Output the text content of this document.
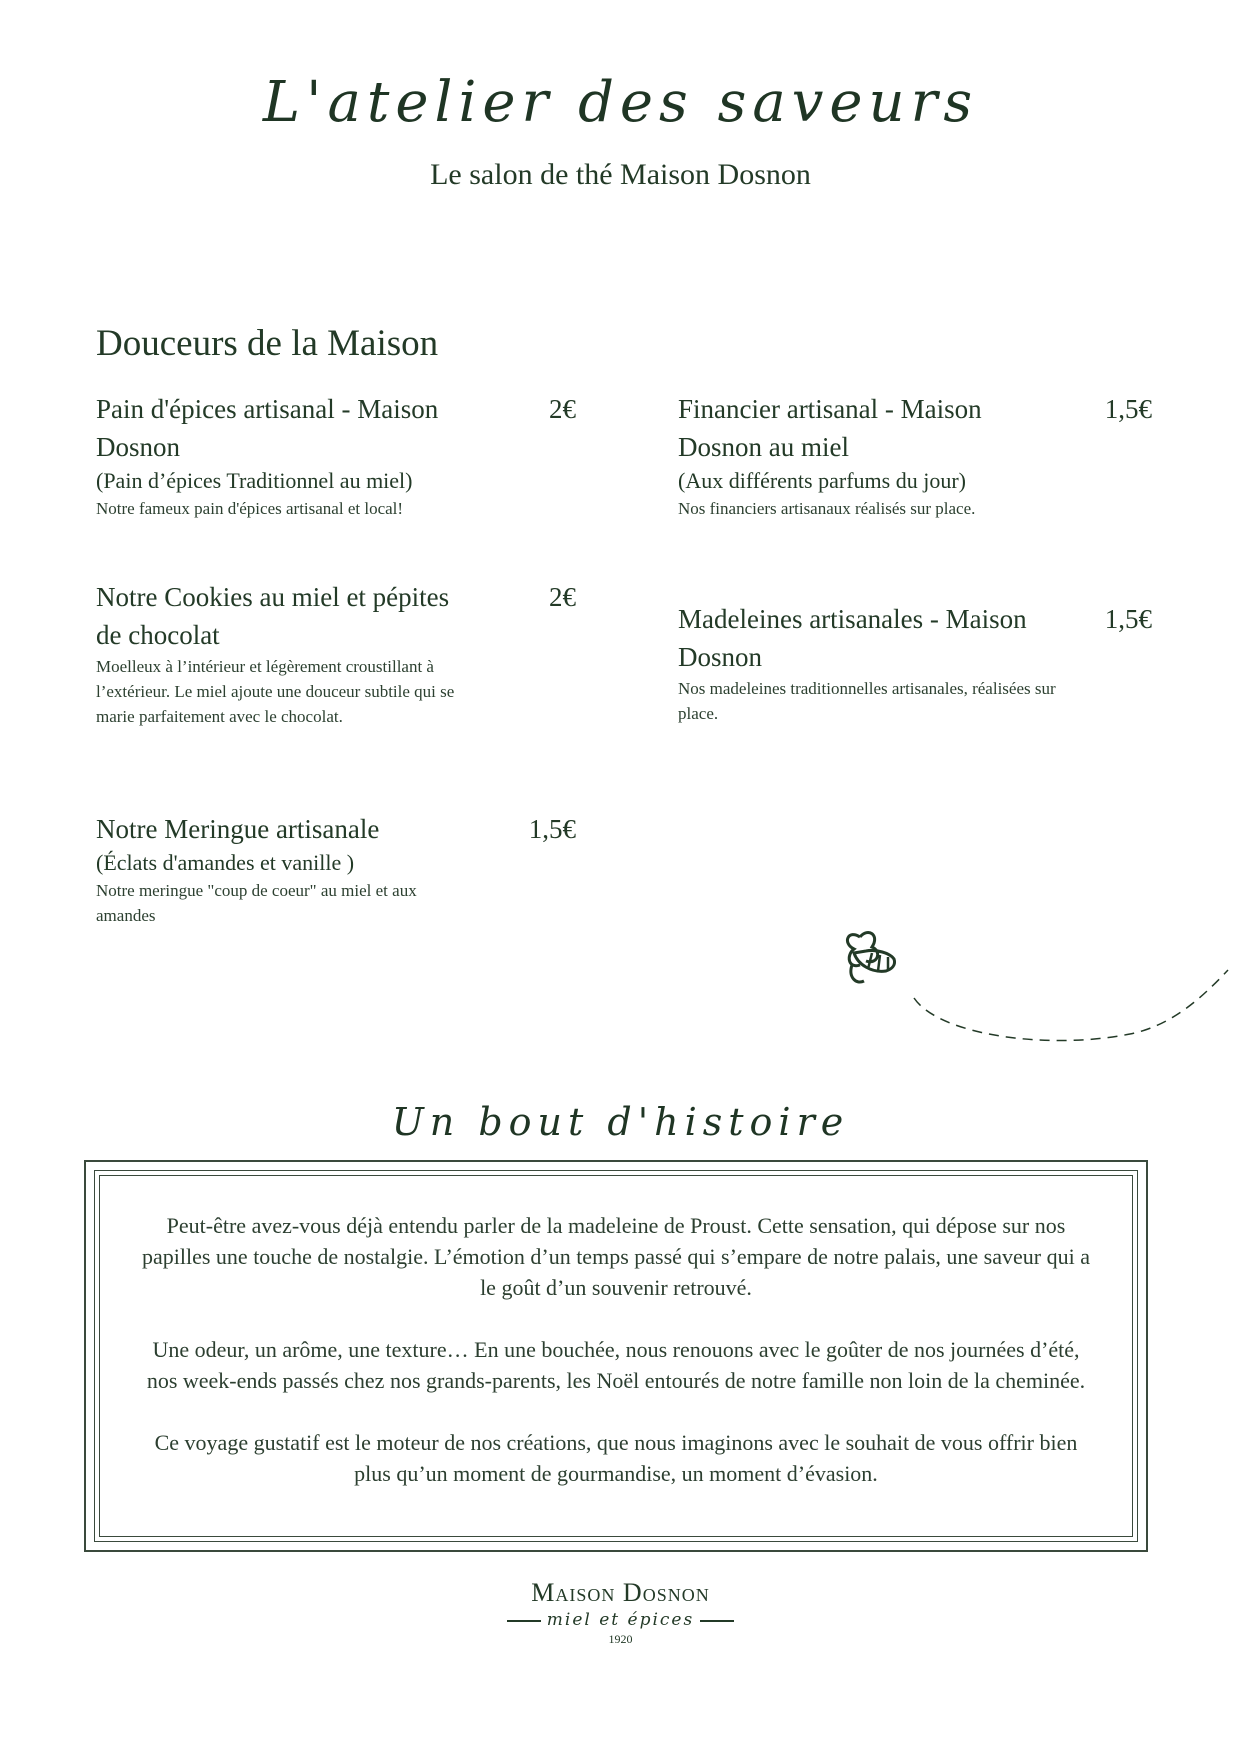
L'atelier des saveurs
Le salon de thé Maison Dosnon
Douceurs de la Maison
Pain d'épices artisanal - Maison Dosnon
(Pain d’épices Traditionnel au miel)
Notre fameux pain d'épices artisanal et local!
2€	Financier artisanal - Maison Dosnon au miel
(Aux différents parfums du jour)
Nos financiers artisanaux réalisés sur place.
1,5€
Notre Cookies au miel et pépites de chocolat
Moelleux à l’intérieur et légèrement croustillant à l’extérieur. Le miel ajoute une douceur subtile qui se marie parfaitement avec le chocolat.
2€
Madeleines artisanales - Maison Dosnon
Nos madeleines traditionnelles artisanales, réalisées sur place.
1,5€
Notre Meringue artisanale
(Éclats d'amandes et vanille )
Notre meringue "coup de coeur" au miel et aux amandes
1,5€
Un bout d'histoire

Peut-être avez-vous déjà entendu parler de la madeleine de Proust. Cette sensation, qui dépose sur nos papilles une touche de nostalgie. L’émotion d’un temps passé qui s’empare de notre palais, une saveur qui a le goût d’un souvenir retrouvé.

Une odeur, un arôme, une texture… En une bouchée, nous renouons avec le goûter de nos journées d’été, nos week-ends passés chez nos grands-parents, les Noël entourés de notre famille non loin de la cheminée.

Ce voyage gustatif est le moteur de nos créations, que nous imaginons avec le souhait de vous offrir bien plus qu’un moment de gourmandise, un moment d’évasion.

Maison Dosnon
miel et épices
1920
